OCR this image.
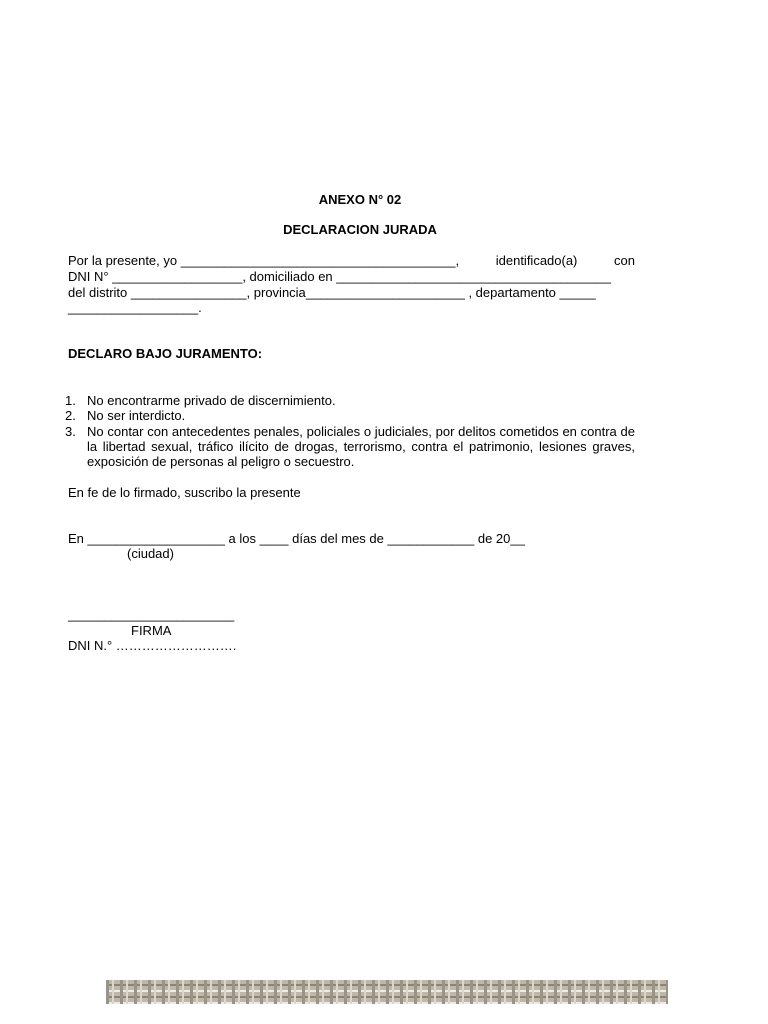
ANEXO N° 02
DECLARACION JURADA
Por la presente, yo ______________________________________,	identificado(a)	con
DNI N° __________________, domiciliado en ______________________________________
del distrito ________________, provincia______________________ , departamento _____
__________________.
DECLARO BAJO JURAMENTO:
1. No encontrarme privado de discernimiento.
2. No ser interdicto.
3. No contar con antecedentes penales, policiales o judiciales, por delitos cometidos en contra de la libertad sexual, tráfico ilícito de drogas, terrorismo, contra el patrimonio, lesiones graves, exposición de personas al peligro o secuestro.
En fe de lo firmado, suscribo la presente
En ___________________ a los ____ días del mes de ____________ de 20__
(ciudad)
_______________________
FIRMA
DNI N.° ……………………….
